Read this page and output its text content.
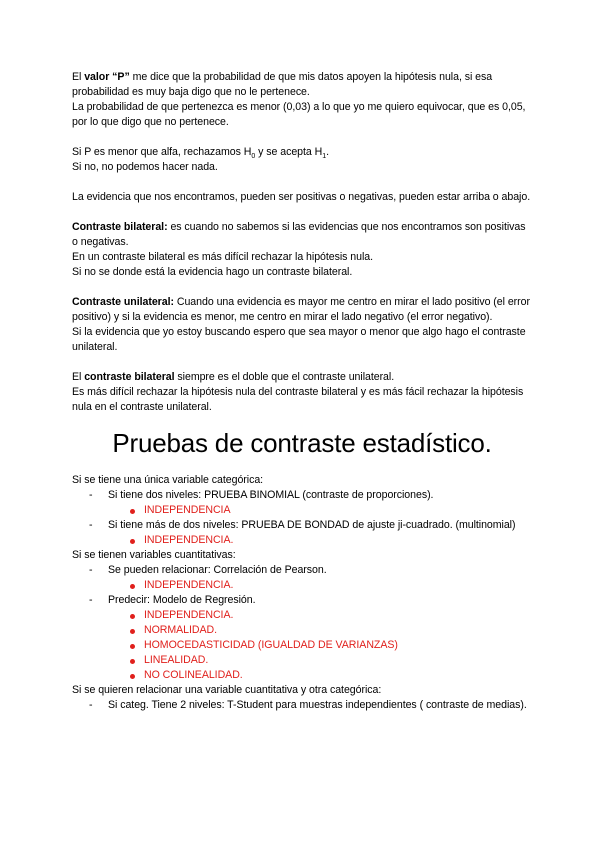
El valor “P” me dice que la probabilidad de que mis datos apoyen la hipótesis nula, si esa probabilidad es muy baja digo que no le pertenece.

La probabilidad de que pertenezca es menor (0,03) a lo que yo me quiero equivocar, que es 0,05, por lo que digo que no pertenece.

Si P es menor que alfa, rechazamos $H_0$ y se acepta $H_1$.

Si no, no podemos hacer nada.

La evidencia que nos encontramos, pueden ser positivas o negativas, pueden estar arriba o abajo.

Contraste bilateral: es cuando no sabemos si las evidencias que nos encontramos son positivas o negativas.

En un contraste bilateral es más difícil rechazar la hipótesis nula.

Si no se donde está la evidencia hago un contraste bilateral.

Contraste unilateral: Cuando una evidencia es mayor me centro en mirar el lado positivo (el error positivo) y si la evidencia es menor, me centro en mirar el lado negativo (el error negativo).

Si la evidencia que yo estoy buscando espero que sea mayor o menor que algo hago el contraste unilateral.

El contraste bilateral siempre es el doble que el contraste unilateral.

Es más difícil rechazar la hipótesis nula del contraste bilateral y es más fácil rechazar la hipótesis nula en el contraste unilateral.

Pruebas de contraste estadístico.

Si se tiene una única variable categórica:

- Si tiene dos niveles: PRUEBA BINOMIAL (contraste de proporciones).

INDEPENDENCIA

- Si tiene más de dos niveles: PRUEBA DE BONDAD de ajuste ji-cuadrado. (multinomial)

INDEPENDENCIA.

Si se tienen variables cuantitativas:

- Se pueden relacionar: Correlación de Pearson.

INDEPENDENCIA.

- Predecir: Modelo de Regresión.

INDEPENDENCIA.

NORMALIDAD.

HOMOCEDASTICIDAD (IGUALDAD DE VARIANZAS)

LINEALIDAD.

NO COLINEALIDAD.

Si se quieren relacionar una variable cuantitativa y otra categórica:

- Si categ. Tiene 2 niveles: T-Student para muestras independientes ( contraste de medias).
